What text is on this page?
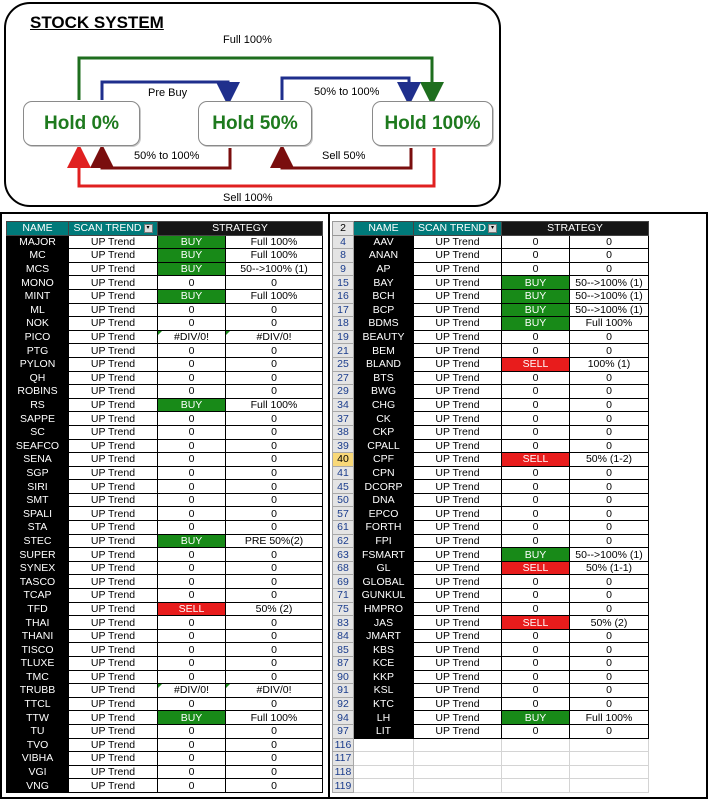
STOCK SYSTEM
Hold 0%	Hold 50%	Hold 100%
Full 100%
Pre Buy	50% to 100%
50% to 100%	Sell 50%
Sell 100%
NAME	SCAN TREND ▾	STRATEGY	
MAJOR	UP Trend	BUY	Full 100%
MC	UP Trend	BUY	Full 100%
MCS	UP Trend	BUY	50-->100% (1)
MONO	UP Trend	0	0
MINT	UP Trend	BUY	Full 100%
ML	UP Trend	0	0
NOK	UP Trend	0	0
PICO	UP Trend	#DIV/0!	#DIV/0!
PTG	UP Trend	0	0
PYLON	UP Trend	0	0
QH	UP Trend	0	0
ROBINS	UP Trend	0	0
RS	UP Trend	BUY	Full 100%
SAPPE	UP Trend	0	0
SC	UP Trend	0	0
SEAFCO	UP Trend	0	0
SENA	UP Trend	0	0
SGP	UP Trend	0	0
SIRI	UP Trend	0	0
SMT	UP Trend	0	0
SPALI	UP Trend	0	0
STA	UP Trend	0	0
STEC	UP Trend	BUY	PRE 50%(2)
SUPER	UP Trend	0	0
SYNEX	UP Trend	0	0
TASCO	UP Trend	0	0
TCAP	UP Trend	0	0
TFD	UP Trend	SELL	50% (2)
THAI	UP Trend	0	0
THANI	UP Trend	0	0
TISCO	UP Trend	0	0
TLUXE	UP Trend	0	0
TMC	UP Trend	0	0
TRUBB	UP Trend	#DIV/0!	#DIV/0!
TTCL	UP Trend	0	0
TTW	UP Trend	BUY	Full 100%
TU	UP Trend	0	0
TVO	UP Trend	0	0
VIBHA	UP Trend	0	0
VGI	UP Trend	0	0
VNG	UP Trend	0	0
2	NAME	SCAN TREND ▾	STRATEGY	
4	AAV	UP Trend	0	0
8	ANAN	UP Trend	0	0
9	AP	UP Trend	0	0
15	BAY	UP Trend	BUY	50-->100% (1)
16	BCH	UP Trend	BUY	50-->100% (1)
17	BCP	UP Trend	BUY	50-->100% (1)
18	BDMS	UP Trend	BUY	Full 100%
19	BEAUTY	UP Trend	0	0
21	BEM	UP Trend	0	0
25	BLAND	UP Trend	SELL	100% (1)
27	BTS	UP Trend	0	0
29	BWG	UP Trend	0	0
34	CHG	UP Trend	0	0
37	CK	UP Trend	0	0
38	CKP	UP Trend	0	0
39	CPALL	UP Trend	0	0
40	CPF	UP Trend	SELL	50% (1-2)
41	CPN	UP Trend	0	0
45	DCORP	UP Trend	0	0
50	DNA	UP Trend	0	0
57	EPCO	UP Trend	0	0
61	FORTH	UP Trend	0	0
62	FPI	UP Trend	0	0
63	FSMART	UP Trend	BUY	50-->100% (1)
68	GL	UP Trend	SELL	50% (1-1)
69	GLOBAL	UP Trend	0	0
71	GUNKUL	UP Trend	0	0
75	HMPRO	UP Trend	0	0
83	JAS	UP Trend	SELL	50% (2)
84	JMART	UP Trend	0	0
85	KBS	UP Trend	0	0
87	KCE	UP Trend	0	0
90	KKP	UP Trend	0	0
91	KSL	UP Trend	0	0
92	KTC	UP Trend	0	0
94	LH	UP Trend	BUY	Full 100%
97	LIT	UP Trend	0	0
116				
117				
118				
119				
